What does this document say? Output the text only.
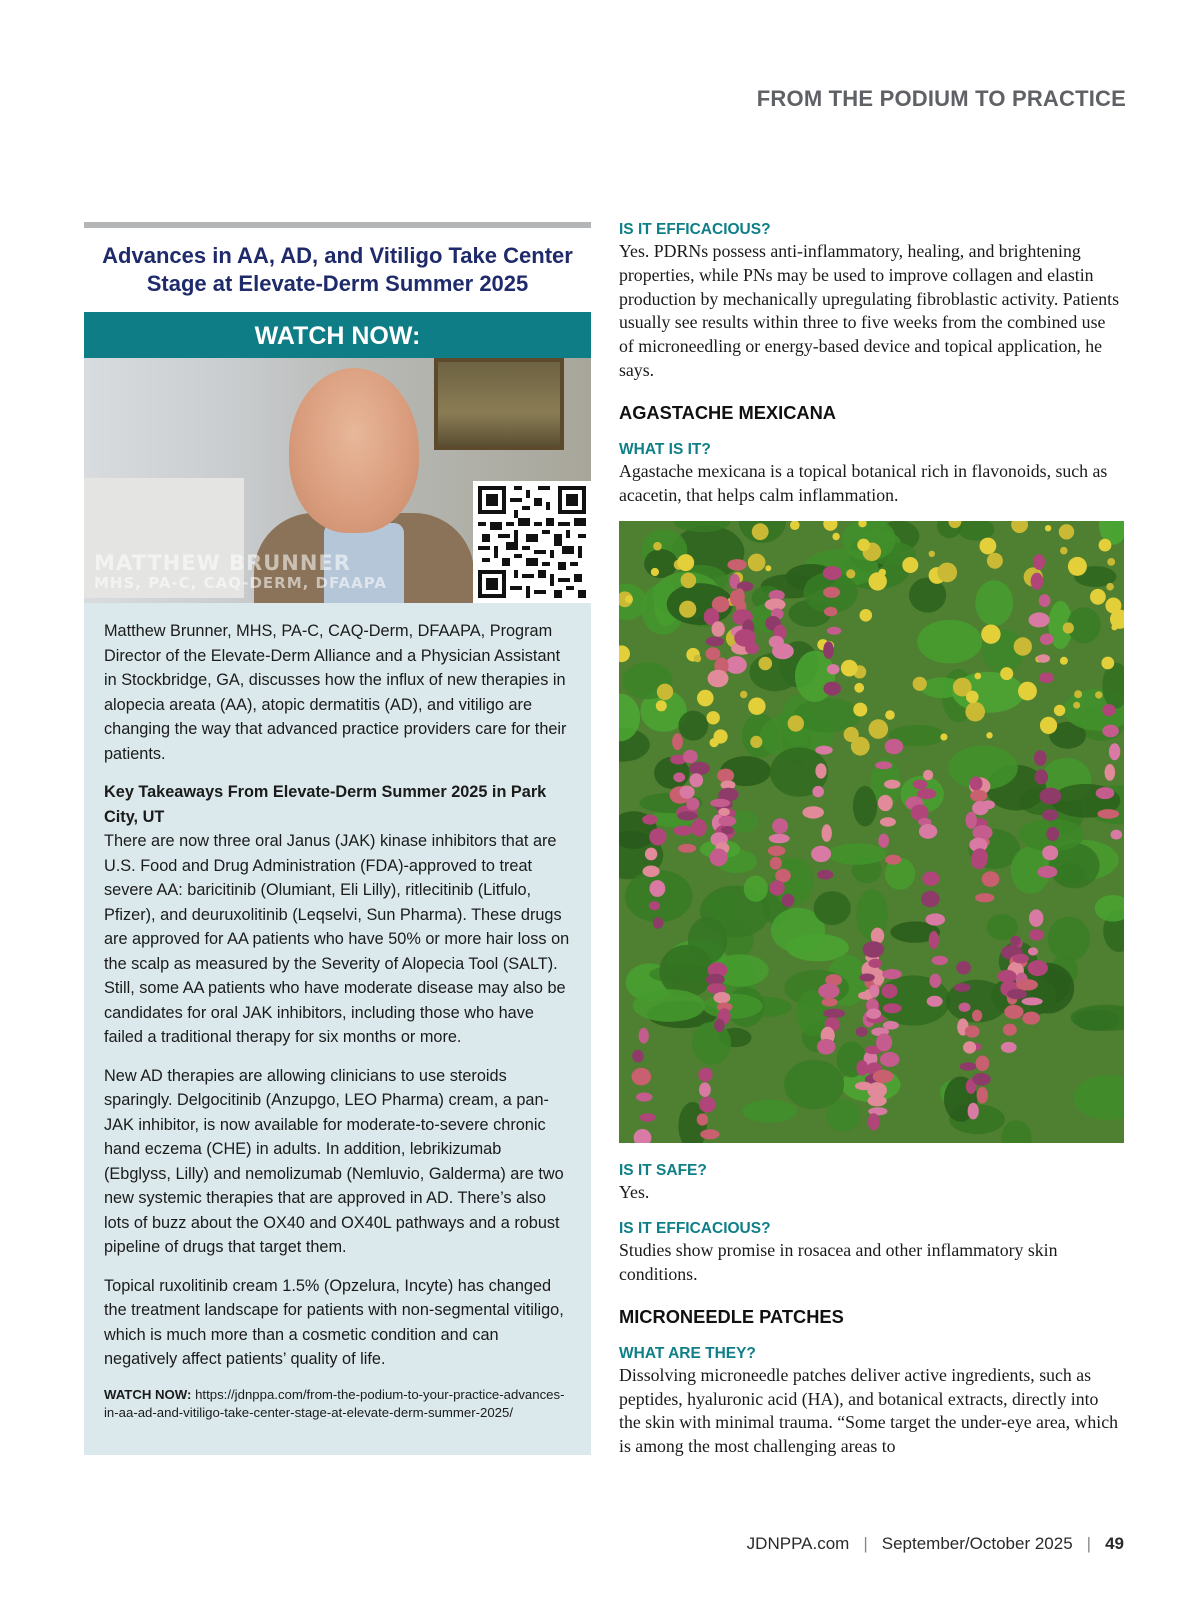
FROM THE PODIUM TO PRACTICE
Advances in AA, AD, and Vitiligo Take Center Stage at Elevate-Derm Summer 2025
WATCH NOW:
MATTHEW BRUNNER
MHS, PA-C, CAQ-DERM, DFAAPA

Matthew Brunner, MHS, PA-C, CAQ-Derm, DFAAPA, Program Director of the Elevate-Derm Alliance and a Physician Assistant in Stockbridge, GA, discusses how the influx of new therapies in alopecia areata (AA), atopic dermatitis (AD), and vitiligo are changing the way that advanced practice providers care for their patients.

Key Takeaways From Elevate-Derm Summer 2025 in Park City, UT
There are now three oral Janus (JAK) kinase inhibitors that are U.S. Food and Drug Administration (FDA)-approved to treat severe AA: baricitinib (Olumiant, Eli Lilly), ritlecitinib (Litfulo, Pfizer), and deuruxolitinib (Leqselvi, Sun Pharma). These drugs are approved for AA patients who have 50% or more hair loss on the scalp as measured by the Severity of Alopecia Tool (SALT). Still, some AA patients who have moderate disease may also be candidates for oral JAK inhibitors, including those who have failed a traditional therapy for six months or more.

New AD therapies are allowing clinicians to use steroids sparingly. Delgocitinib (Anzupgo, LEO Pharma) cream, a pan-JAK inhibitor, is now available for moderate-to-severe chronic hand eczema (CHE) in adults. In addition, lebrikizumab (Ebglyss, Lilly) and nemolizumab (Nemluvio, Galderma) are two new systemic therapies that are approved in AD. There’s also lots of buzz about the OX40 and OX40L pathways and a robust pipeline of drugs that target them.

Topical ruxolitinib cream 1.5% (Opzelura, Incyte) has changed the treatment landscape for patients with non-segmental vitiligo, which is much more than a cosmetic condition and can negatively affect patients’ quality of life.

WATCH NOW: https://jdnppa.com/from-the-podium-to-your-practice-advances-in-aa-ad-and-vitiligo-take-center-stage-at-elevate-derm-summer-2025/

IS IT EFFICACIOUS?

Yes. PDRNs possess anti-inflammatory, healing, and brightening properties, while PNs may be used to improve collagen and elastin production by mechanically upregulating fibroblastic activity. Patients usually see results within three to five weeks from the combined use of microneedling or energy-based device and topical application, he says.

AGASTACHE MEXICANA

WHAT IS IT?

Agastache mexicana is a topical botanical rich in flavonoids, such as acacetin, that helps calm inflammation.

IS IT SAFE?

Yes.

IS IT EFFICACIOUS?

Studies show promise in rosacea and other inflammatory skin conditions.

MICRONEEDLE PATCHES

WHAT ARE THEY?

Dissolving microneedle patches deliver active ingredients, such as peptides, hyaluronic acid (HA), and botanical extracts, directly into the skin with minimal trauma. “Some target the under-eye area, which is among the most challenging areas to

JDNPPA.com | September/October 2025 | 49
